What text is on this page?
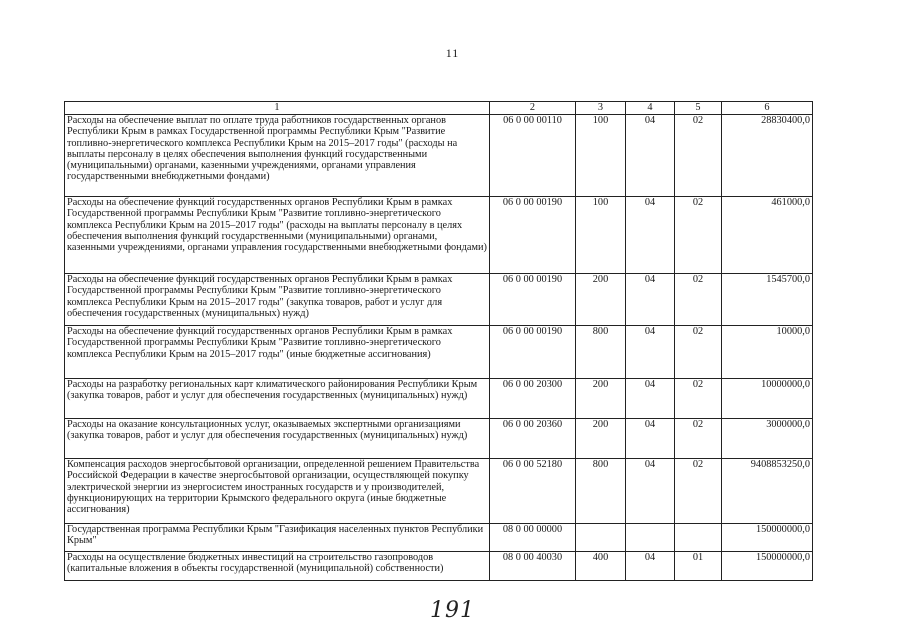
11
1	2	3	4	5	6
Расходы на обеспечение выплат по оплате труда работников государственных органов Республики Крым в рамках Государственной программы Республики Крым "Развитие топливно-энергетического комплекса Республики Крым на 2015–2017 годы" (расходы на выплаты персоналу в целях обеспечения выполнения функций государственными (муниципальными) органами, казенными учреждениями, органами управления государственными внебюджетными фондами)	06 0 00 00110	100	04	02	28830400,0
Расходы на обеспечение функций государственных органов Республики Крым в рамках Государственной программы Республики Крым "Развитие топливно-энергетического комплекса Республики Крым на 2015–2017 годы" (расходы на выплаты персоналу в целях обеспечения выполнения функций государственными (муниципальными) органами, казенными учреждениями, органами управления государственными внебюджетными фондами)	06 0 00 00190	100	04	02	461000,0
Расходы на обеспечение функций государственных органов Республики Крым в рамках Государственной программы Республики Крым "Развитие топливно-энергетического комплекса Республики Крым на 2015–2017 годы" (закупка товаров, работ и услуг для обеспечения государственных (муниципальных) нужд)	06 0 00 00190	200	04	02	1545700,0
Расходы на обеспечение функций государственных органов Республики Крым в рамках Государственной программы Республики Крым "Развитие топливно-энергетического комплекса Республики Крым на 2015–2017 годы" (иные бюджетные ассигнования)	06 0 00 00190	800	04	02	10000,0
Расходы на разработку региональных карт климатического районирования Республики Крым (закупка товаров, работ и услуг для обеспечения государственных (муниципальных) нужд)	06 0 00 20300	200	04	02	10000000,0
Расходы на оказание консультационных услуг, оказываемых экспертными организациями (закупка товаров, работ и услуг для обеспечения государственных (муниципальных) нужд)	06 0 00 20360	200	04	02	3000000,0
Компенсация расходов энергосбытовой организации, определенной решением Правительства Российской Федерации в качестве энергосбытовой организации, осуществляющей покупку электрической энергии из энергосистем иностранных государств и у производителей, функционирующих на территории Крымского федерального округа (иные бюджетные ассигнования)	06 0 00 52180	800	04	02	9408853250,0
Государственная программа Республики Крым "Газификация населенных пунктов Республики Крым"	08 0 00 00000				150000000,0
Расходы на осуществление бюджетных инвестиций на строительство газопроводов (капитальные вложения в объекты государственной (муниципальной) собственности)	08 0 00 40030	400	04	01	150000000,0
191
